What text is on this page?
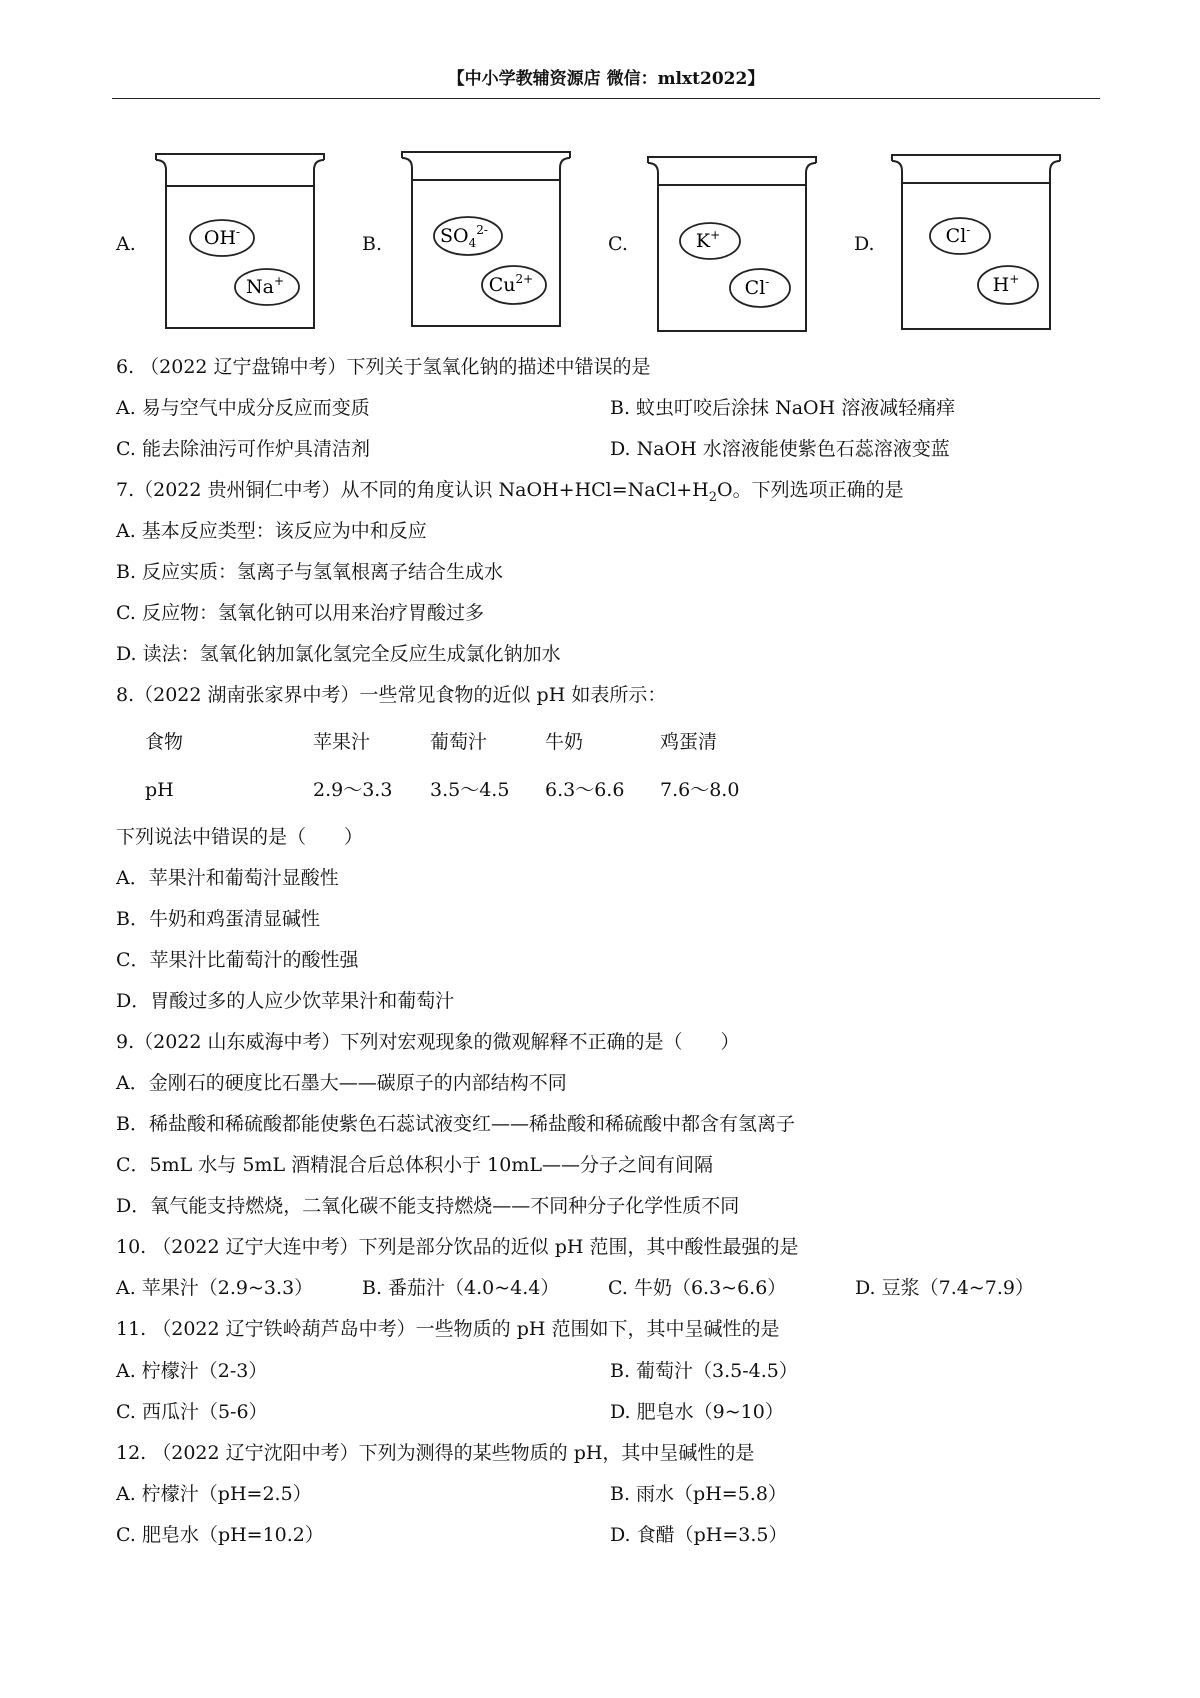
【中小学教辅资源店 微信：mlxt2022】
A.	OH-
Na+
B.	$SO_4^{2-}$
$Cu^{2+}$
C.	K+
Cl-
D.	Cl-
H+
6. （2022 辽宁盘锦中考）下列关于氢氧化钠的描述中错误的是
A. 易与空气中成分反应而变质	B. 蚊虫叮咬后涂抹 NaOH 溶液减轻痛痒
C. 能去除油污可作炉具清洁剂	D. NaOH 水溶液能使紫色石蕊溶液变蓝
7.（2022 贵州铜仁中考）从不同的角度认识 $NaOH+HCl=NaCl+H_2O$。下列选项正确的是
A. 基本反应类型：该反应为中和反应
B. 反应实质：氢离子与氢氧根离子结合生成水
C. 反应物：氢氧化钠可以用来治疗胃酸过多
D. 读法：氢氧化钠加氯化氢完全反应生成氯化钠加水
8.（2022 湖南张家界中考）一些常见食物的近似 pH 如表所示：
食物	苹果汁	葡萄汁	牛奶	鸡蛋清
pH	2.9～3.3 3.5～4.5 6.3～6.6 7.6～8.0
下列说法中错误的是（　　）
A．苹果汁和葡萄汁显酸性
B．牛奶和鸡蛋清显碱性
C．苹果汁比葡萄汁的酸性强
D．胃酸过多的人应少饮苹果汁和葡萄汁
9.（2022 山东威海中考）下列对宏观现象的微观解释不正确的是（　　）
A．金刚石的硬度比石墨大——碳原子的内部结构不同
B．稀盐酸和稀硫酸都能使紫色石蕊试液变红——稀盐酸和稀硫酸中都含有氢离子
C．5mL 水与 5mL 酒精混合后总体积小于 10mL——分子之间有间隔
D．氧气能支持燃烧，二氧化碳不能支持燃烧——不同种分子化学性质不同
10. （2022 辽宁大连中考）下列是部分饮品的近似 pH 范围，其中酸性最强的是
A. 苹果汁（2.9~3.3）	B. 番茄汁（4.0~4.4）	C. 牛奶（6.3~6.6）	D. 豆浆（7.4~7.9）
11. （2022 辽宁铁岭葫芦岛中考）一些物质的 pH 范围如下，其中呈碱性的是
A. 柠檬汁（2-3）	B. 葡萄汁（3.5-4.5）
C. 西瓜汁（5-6）	D. 肥皂水（9~10）
12. （2022 辽宁沈阳中考）下列为测得的某些物质的 pH，其中呈碱性的是
A. 柠檬汁（pH=2.5）	B. 雨水（pH=5.8）
C. 肥皂水（pH=10.2）	D. 食醋（pH=3.5）
